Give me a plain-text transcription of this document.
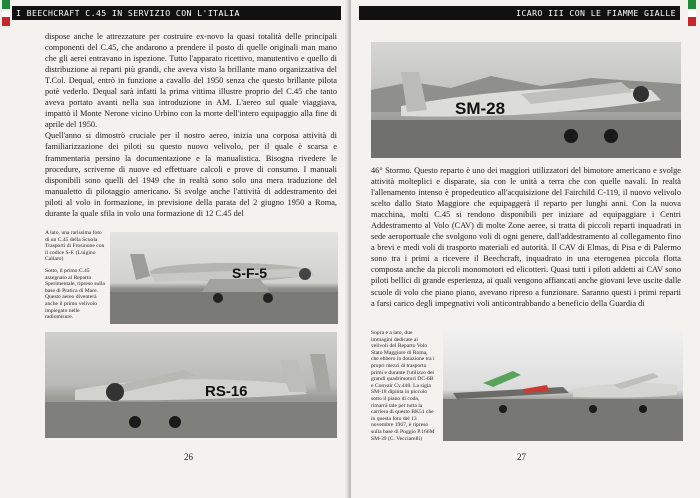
I BEECHCRAFT C.45 IN SERVIZIO CON L'ITALIA

dispose anche le attrezzature per costruire ex-novo la quasi totalità delle principali componenti del C.45, che andarono a prendere il posto di quelle originali man mano che gli aerei entravano in ispezione. Tutto l'apparato ricettivo, manutentivo e quello di distribuzione ai reparti più grandi, che aveva visto la brillante mano organizzativa del T.Col. Dequal, entrò in funzione a cavallo del 1950 senza che questo brillante pilota potè vederlo. Dequal sarà infatti la prima vittima illustre proprio del C.45 che tanto aveva portato avanti nella sua introduzione in AM. L'aereo sul quale viaggiava, impattò il Monte Nerone vicino Urbino con la morte dell'intero equipaggio alla fine di aprile del 1950.

Quell'anno si dimostrò cruciale per il nostro aereo, inizia una corposa attività di familiarizzazione dei piloti su questo nuovo velivolo, per il quale è scarsa e frammentaria persino la documentazione e la manualistica. Bisogna rivedere le procedure, scriverne di nuove ed effettuare calcoli e prove di consumo. I manuali disponibili sono quelli del 1949 che in realtà sono solo una mera traduzione del manualetto di pilotaggio americano. Si svolge anche l'attività di addestramento dei piloti al volo in formazione, in previsione della parata del 2 giugno 1950 a Roma, durante la quale sfila in volo una formazione di 12 C.45 del

A lato, una rarissima foto di un C.45 della Scuola Trasporti di Frosinone con il codice S-F. (Luigino Caliaro)
Sotto, il primo C.45 assegnato al Reparto Sperimentale, ripreso sulla base di Pratica di Mare. Questo aereo diventerà anche il primo velivolo impiegato nelle radiomisure.
S-F-5
RS-16
26
ICARO III CON LE FIAMME GIALLE
SM-28

46° Stormo. Questo reparto è uno dei maggiori utilizzatori del bimotore americano e svolge attività molteplici e disparate, sia con le unità a terra che con quelle navali. In realtà l'allenamento intenso è propedeutico all'acquisizione del Fairchild C-119, il nuovo velivolo scelto dallo Stato Maggiore che equipaggerà il reparto per lunghi anni. Con la nuova macchina, molti C.45 si rendono disponibili per iniziare ad equipaggiare i Centri Addestramento al Volo (CAV) di molte Zone aeree, si tratta di piccoli reparti inquadrati in sede aeroportuale che svolgono voli di ogni genere, dall'addestramento al collegamento fino a brevi e medi voli di trasporto materiali ed autorità. Il CAV di Elmas, di Pisa e di Palermo sono tra i primi a ricevere il Beechcraft, inquadrato in una eterogenea piccola flotta composta anche da piccoli monomotori ed elicotteri. Quasi tutti i piloti addetti ai CAV sono piloti bellici di grande esperienza, ai quali vengono affiancati anche giovani leve uscite dalle scuole di volo che piano piano, avevano ripreso a funzionare. Saranno questi i primi reparti a farsi carico degli impegnativi voli anticontrabbando a beneficio della Guardia di

Sopra e a lato, due immagini dedicate ai velivoli del Reparto Volo Stato Maggiore di Roma, che ebbero in dotazione tra i propri mezzi di trasporto primi e durante l'utilizzo dei grandi quadrimotori DC-6B e Convair Cv.440. La sigla SM-18 dipinta in piccolo sotto il piano di coda, rimarrà tale per tutta la carriera di questo BK51 che in questa foto del 13 novembre 1967, è ripreso sulla base di Poggio P.166M SM-39 (C. Vecciarelli)
27
